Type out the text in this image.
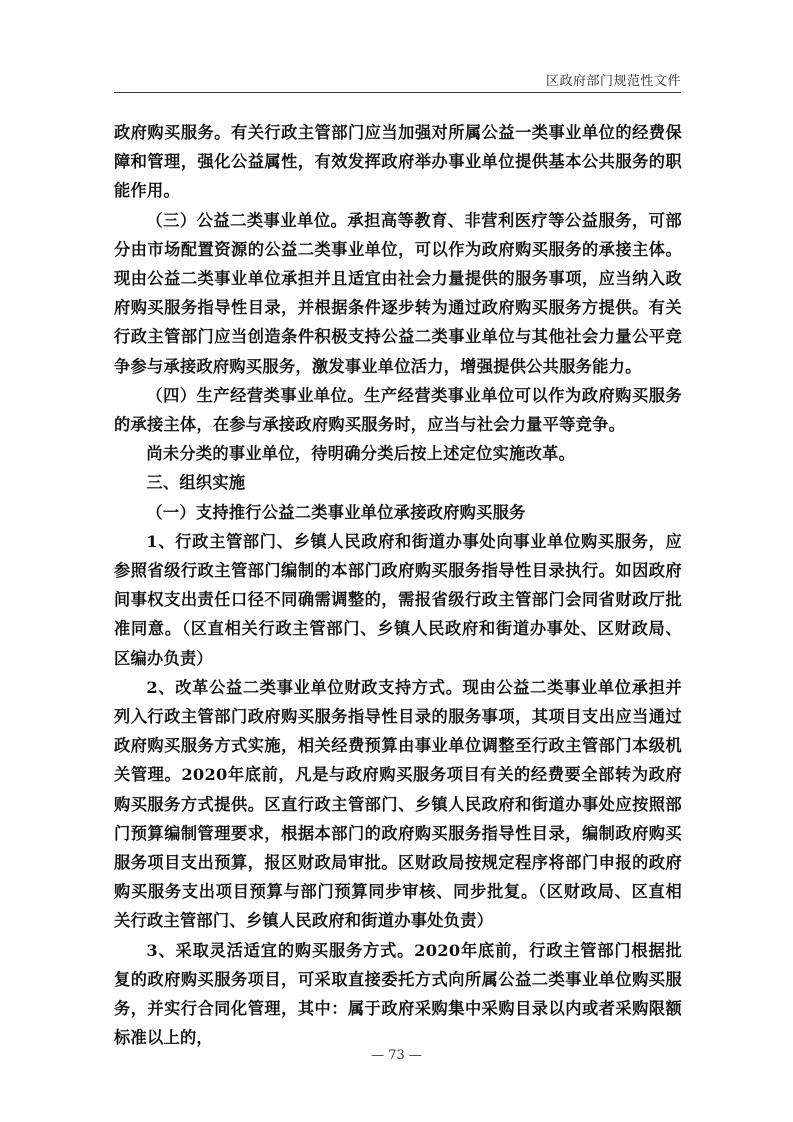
区政府部门规范性文件

政府购买服务。有关行政主管部门应当加强对所属公益一类事业单位的经费保障和管理，强化公益属性，有效发挥政府举办事业单位提供基本公共服务的职能作用。

（三）公益二类事业单位。承担高等教育、非营利医疗等公益服务，可部分由市场配置资源的公益二类事业单位，可以作为政府购买服务的承接主体。现由公益二类事业单位承担并且适宜由社会力量提供的服务事项，应当纳入政府购买服务指导性目录，并根据条件逐步转为通过政府购买服务方提供。有关行政主管部门应当创造条件积极支持公益二类事业单位与其他社会力量公平竞争参与承接政府购买服务，激发事业单位活力，增强提供公共服务能力。

（四）生产经营类事业单位。生产经营类事业单位可以作为政府购买服务的承接主体，在参与承接政府购买服务时，应当与社会力量平等竞争。

尚未分类的事业单位，待明确分类后按上述定位实施改革。

三、组织实施

（一）支持推行公益二类事业单位承接政府购买服务

1、行政主管部门、乡镇人民政府和街道办事处向事业单位购买服务，应参照省级行政主管部门编制的本部门政府购买服务指导性目录执行。如因政府间事权支出责任口径不同确需调整的，需报省级行政主管部门会同省财政厅批准同意。（区直相关行政主管部门、乡镇人民政府和街道办事处、区财政局、区编办负责）

2、改革公益二类事业单位财政支持方式。现由公益二类事业单位承担并列入行政主管部门政府购买服务指导性目录的服务事项，其项目支出应当通过政府购买服务方式实施，相关经费预算由事业单位调整至行政主管部门本级机关管理。2020年底前，凡是与政府购买服务项目有关的经费要全部转为政府购买服务方式提供。区直行政主管部门、乡镇人民政府和街道办事处应按照部门预算编制管理要求，根据本部门的政府购买服务指导性目录，编制政府购买服务项目支出预算，报区财政局审批。区财政局按规定程序将部门申报的政府购买服务支出项目预算与部门预算同步审核、同步批复。（区财政局、区直相关行政主管部门、乡镇人民政府和街道办事处负责）

3、采取灵活适宜的购买服务方式。2020年底前，行政主管部门根据批复的政府购买服务项目，可采取直接委托方式向所属公益二类事业单位购买服务，并实行合同化管理，其中：属于政府采购集中采购目录以内或者采购限额标准以上的，

— 73 —
